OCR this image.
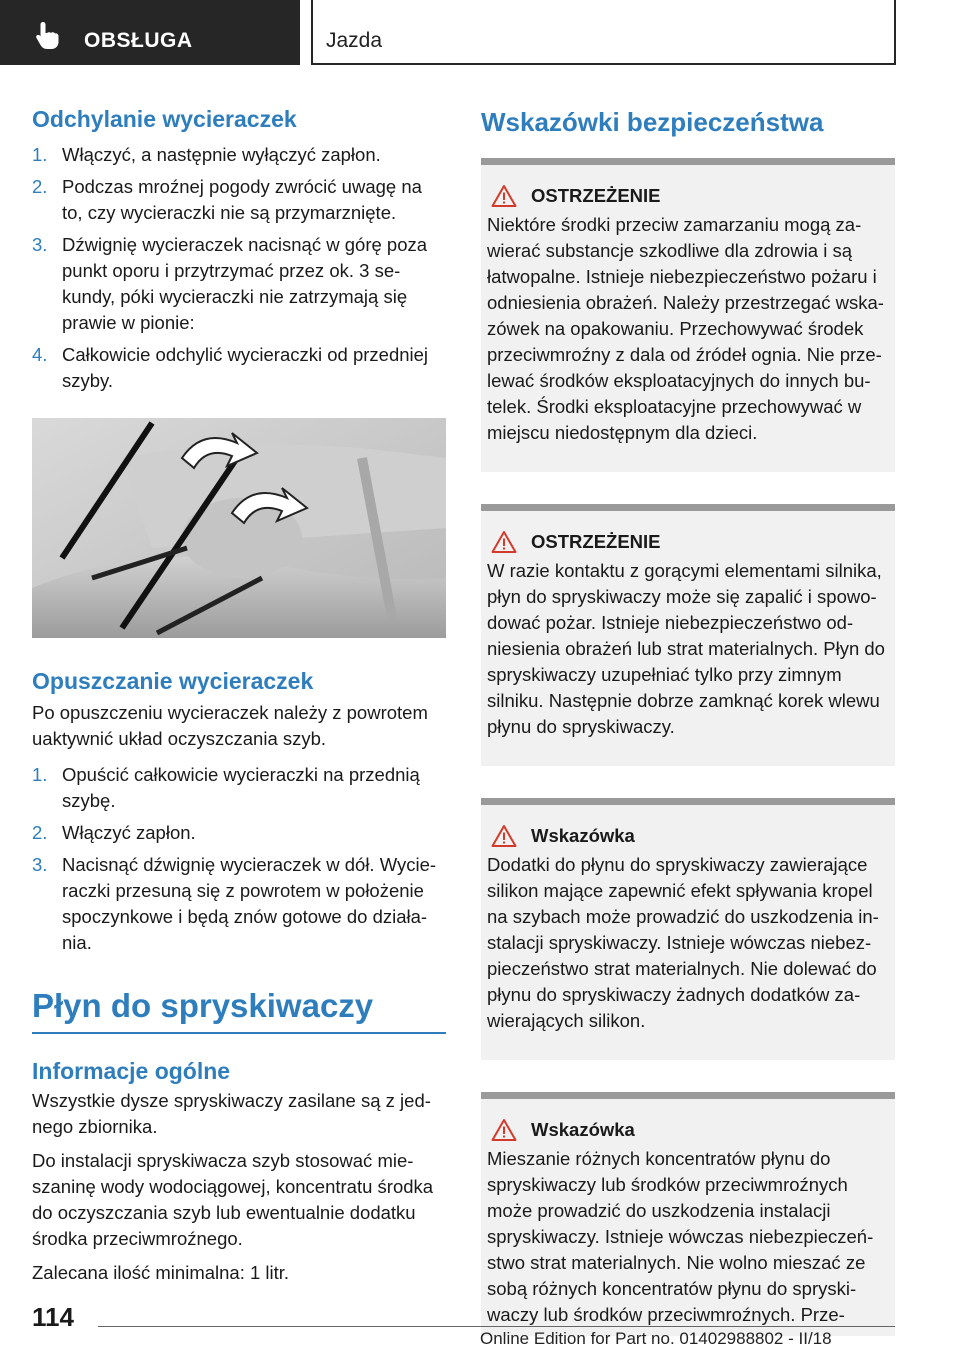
OBSŁUGA	Jazda
Odchylanie wycieraczek
1. Włączyć, a następnie wyłączyć zapłon.
2. Podczas mroźnej pogody zwrócić uwagę na to, czy wycieraczki nie są przymarznięte.
3. Dźwignię wycieraczek nacisnąć w górę poza punkt oporu i przytrzymać przez ok. 3 se-kundy, póki wycieraczki nie zatrzymają się prawie w pionie:
4. Całkowicie odchylić wycieraczki od przedniej szyby.
Opuszczanie wycieraczek

Po opuszczeniu wycieraczek należy z powrotem uaktywnić układ oczyszczania szyb.

1. Opuścić całkowicie wycieraczki na przednią szybę.
2. Włączyć zapłon.
3. Nacisnąć dźwignię wycieraczek w dół. Wycie-raczki przesuną się z powrotem w położenie spoczynkowe i będą znów gotowe do działa-nia.
Płyn do spryskiwaczy
Informacje ogólne

Wszystkie dysze spryskiwaczy zasilane są z jed-nego zbiornika.

Do instalacji spryskiwacza szyb stosować mie-szaninę wody wodociągowej, koncentratu środka do oczyszczania szyb lub ewentualnie dodatku środka przeciwmroźnego.

Zalecana ilość minimalna: 1 litr.

Wskazówki bezpieczeństwa
OSTRZEŻENIE

Niektóre środki przeciw zamarzaniu mogą za-wierać substancje szkodliwe dla zdrowia i są łatwopalne. Istnieje niebezpieczeństwo pożaru i odniesienia obrażeń. Należy przestrzegać wska-zówek na opakowaniu. Przechowywać środek przeciwmroźny z dala od źródeł ognia. Nie prze-lewać środków eksploatacyjnych do innych bu-telek. Środki eksploatacyjne przechowywać w miejscu niedostępnym dla dzieci.

OSTRZEŻENIE

W razie kontaktu z gorącymi elementami silnika, płyn do spryskiwaczy może się zapalić i spowo-dować pożar. Istnieje niebezpieczeństwo od-niesienia obrażeń lub strat materialnych. Płyn do spryskiwaczy uzupełniać tylko przy zimnym silniku. Następnie dobrze zamknąć korek wlewu płynu do spryskiwaczy.

Wskazówka

Dodatki do płynu do spryskiwaczy zawierające silikon mające zapewnić efekt spływania kropel na szybach może prowadzić do uszkodzenia in-stalacji spryskiwaczy. Istnieje wówczas niebez-pieczeństwo strat materialnych. Nie dolewać do płynu do spryskiwaczy żadnych dodatków za-wierających silikon.

Wskazówka

Mieszanie różnych koncentratów płynu do spryskiwaczy lub środków przeciwmroźnych może prowadzić do uszkodzenia instalacji spryskiwaczy. Istnieje wówczas niebezpieczeń-stwo strat materialnych. Nie wolno mieszać ze sobą różnych koncentratów płynu do spryski-waczy lub środków przeciwmroźnych. Prze-

114
Online Edition for Part no. 01402988802 - II/18
